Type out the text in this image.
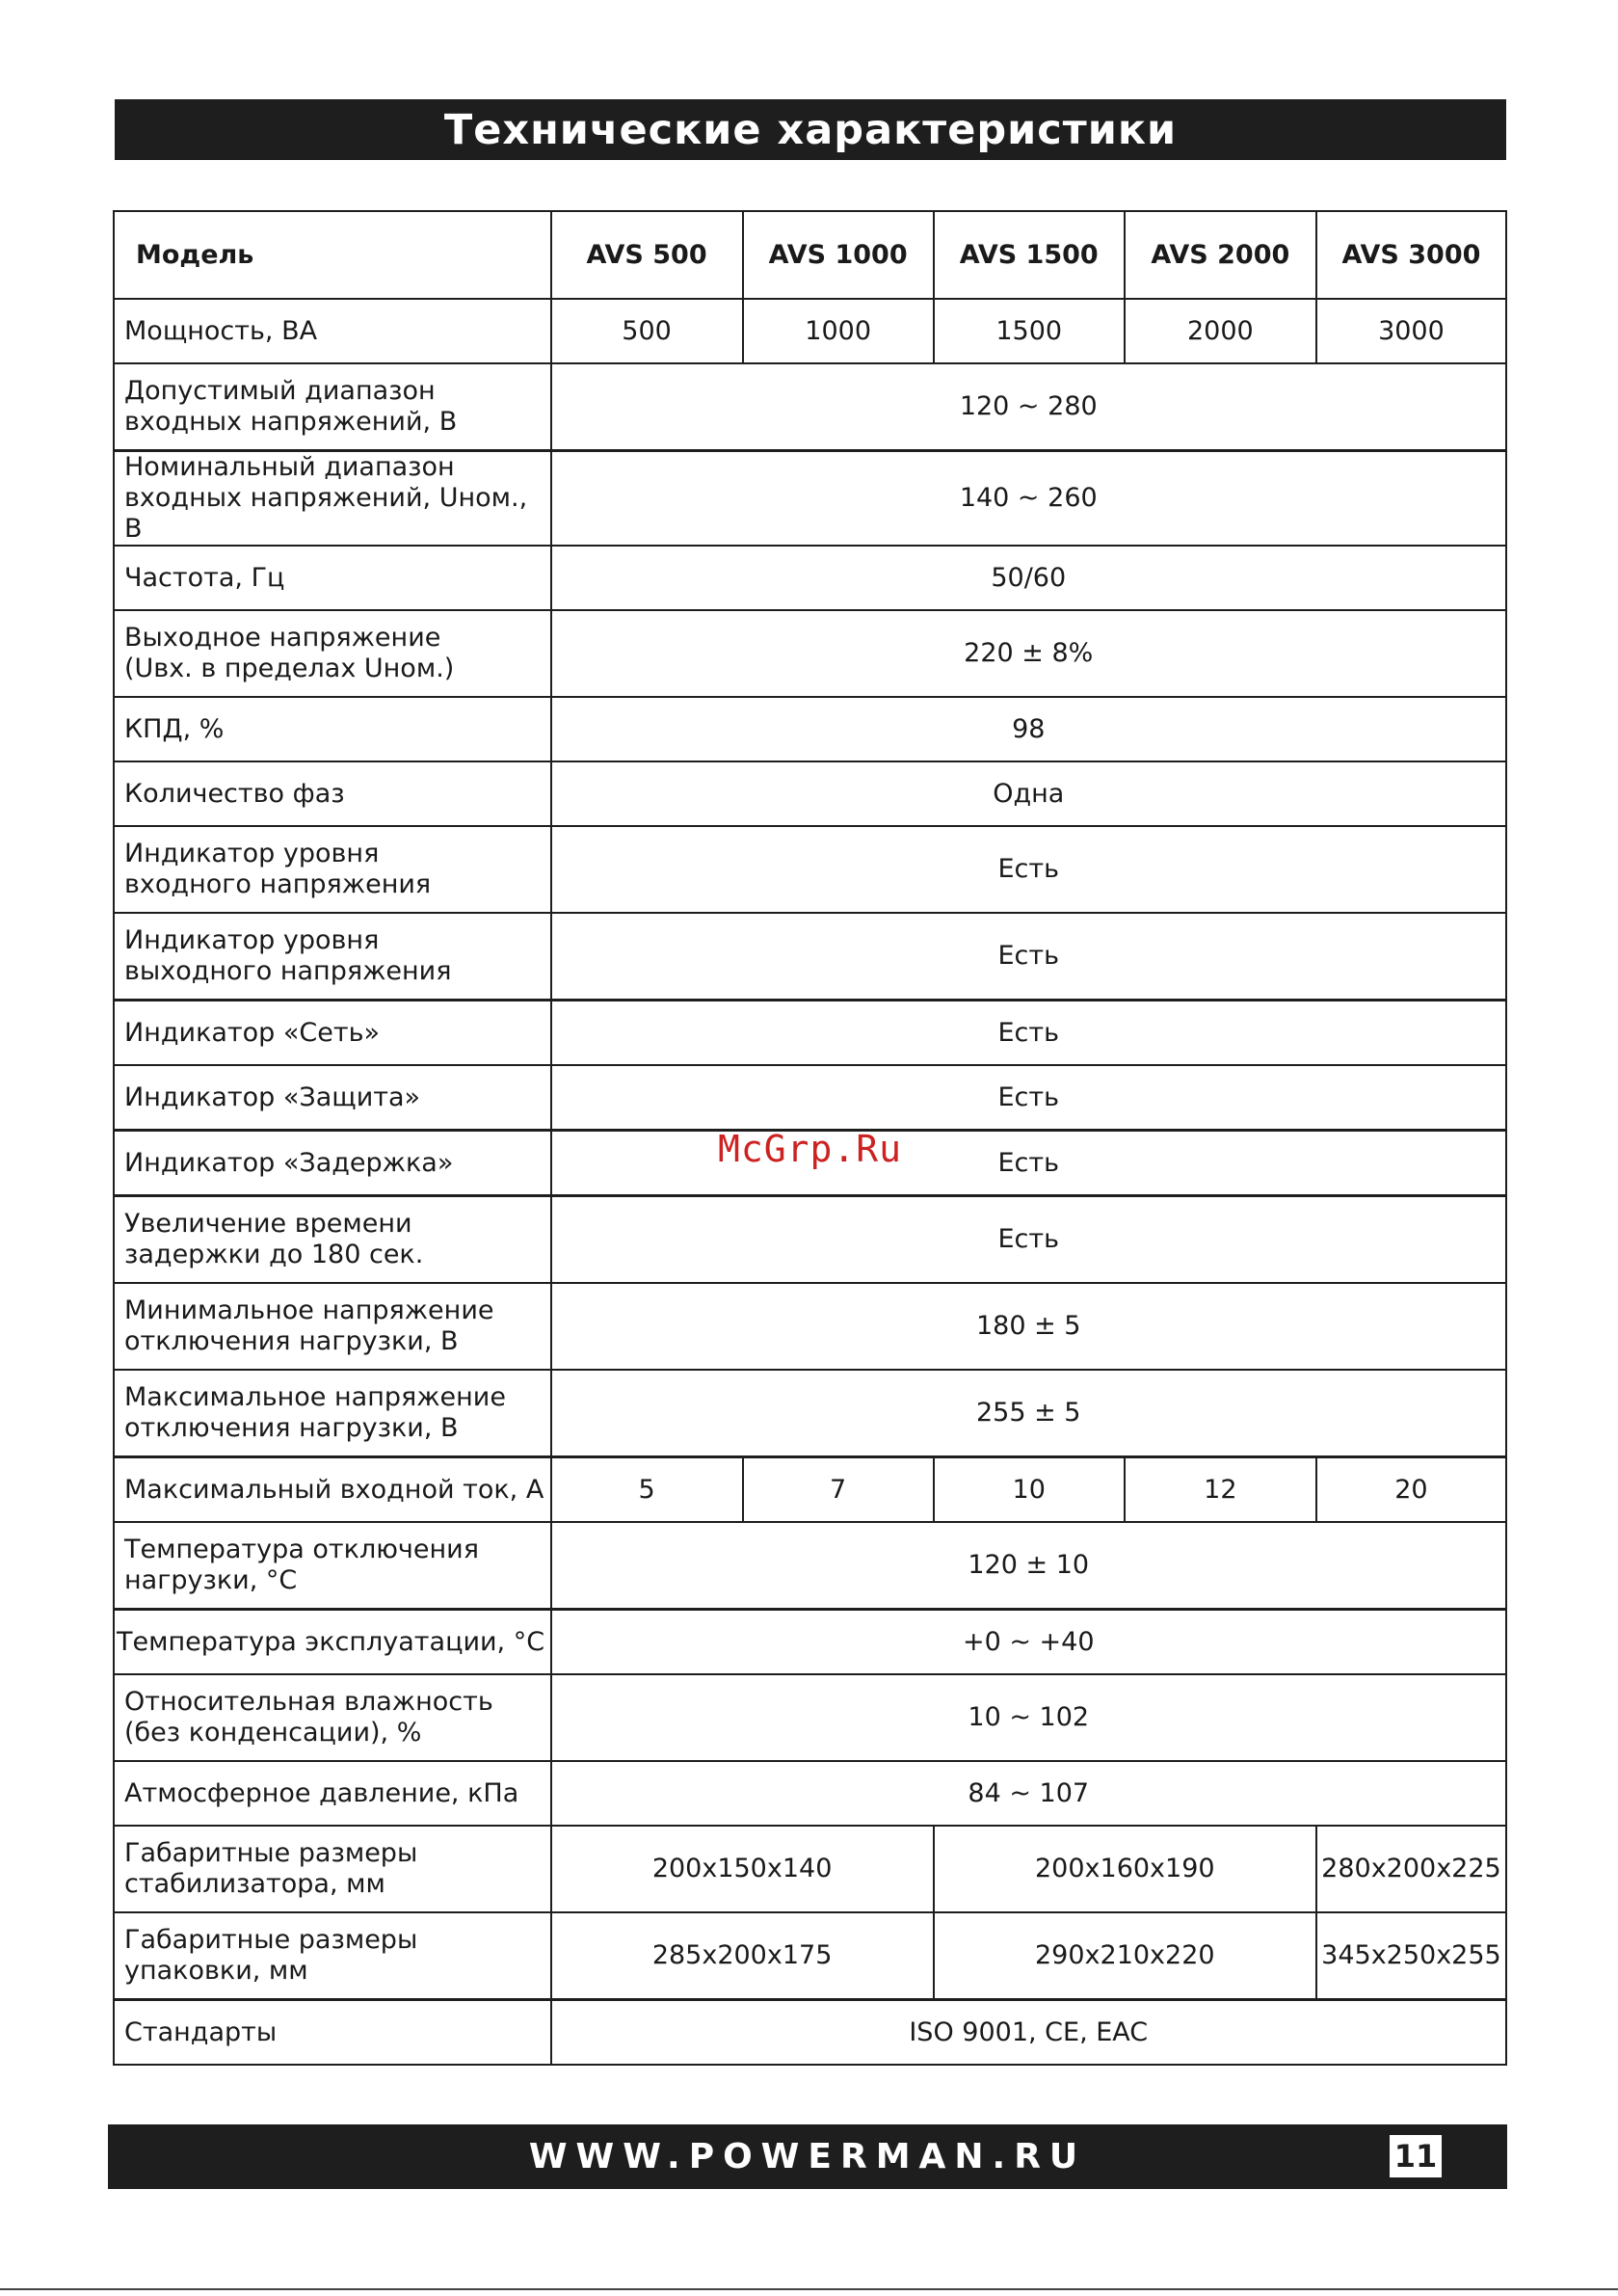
Технические характеристики
Модель	AVS 500	AVS 1000	AVS 1500	AVS 2000	AVS 3000
Мощность, ВА	500	1000	1500	2000	3000
Допустимый диапазон
входных напряжений, В	120 ~ 280				
Номинальный диапазон
входных напряжений, Uном., В	140 ~ 260				
Частота, Гц	50/60				
Выходное напряжение
(Uвх. в пределах Uном.)	220 ± 8%				
КПД, %	98				
Количество фаз	Одна				
Индикатор уровня
входного напряжения	Есть				
Индикатор уровня
выходного напряжения	Есть				
Индикатор «Сеть»	Есть				
Индикатор «Защита»	Есть				
Индикатор «Задержка»	Есть				
Увеличение времени
задержки до 180 сек.	Есть				
Минимальное напряжение
отключения нагрузки, В	180 ± 5				
Максимальное напряжение
отключения нагрузки, В	255 ± 5				
Максимальный входной ток, А	5	7	10	12	20
Температура отключения
нагрузки, °С	120 ± 10				
Температура эксплуатации, °С	+0 ~ +40				
Относительная влажность
(без конденсации), %	10 ~ 102				
Атмосферное давление, кПа	84 ~ 107				
Габаритные размеры
стабилизатора, мм	200x150x140		200x160x190		280x200x225
Габаритные размеры
упаковки, мм	285x200x175		290x210x220		345x250x255
Стандарты	ISO 9001, CE, EAC				
McGrp.Ru
WWW.POWERMAN.RU	11
